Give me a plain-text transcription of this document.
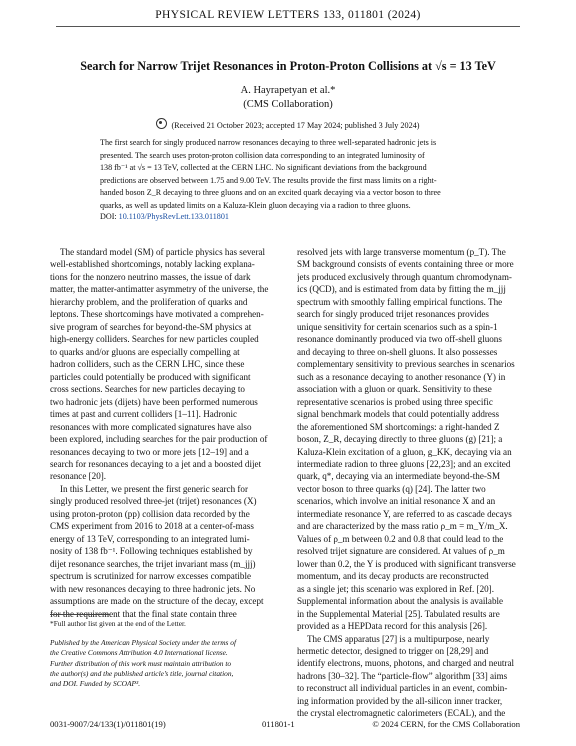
PHYSICAL REVIEW LETTERS 133, 011801 (2024)
Search for Narrow Trijet Resonances in Proton-Proton Collisions at √s = 13 TeV
A. Hayrapetyan et al.*
(CMS Collaboration)
(Received 21 October 2023; accepted 17 May 2024; published 3 July 2024)
The first search for singly produced narrow resonances decaying to three well-separated hadronic jets is
presented. The search uses proton-proton collision data corresponding to an integrated luminosity of
138 fb⁻¹ at √s = 13 TeV, collected at the CERN LHC. No significant deviations from the background
predictions are observed between 1.75 and 9.00 TeV. The results provide the first mass limits on a right-
handed boson Z_R decaying to three gluons and on an excited quark decaying via a vector boson to three
quarks, as well as updated limits on a Kaluza-Klein gluon decaying via a radion to three gluons.
DOI: 10.1103/PhysRevLett.133.011801
The standard model (SM) of particle physics has several
well-established shortcomings, notably lacking explana-
tions for the nonzero neutrino masses, the issue of dark
matter, the matter-antimatter asymmetry of the universe, the
hierarchy problem, and the proliferation of quarks and
leptons. These shortcomings have motivated a comprehen-
sive program of searches for beyond-the-SM physics at
high-energy colliders. Searches for new particles coupled
to quarks and/or gluons are especially compelling at
hadron colliders, such as the CERN LHC, since these
particles could potentially be produced with significant
cross sections. Searches for new particles decaying to
two hadronic jets (dijets) have been performed numerous
times at past and current colliders [1–11]. Hadronic
resonances with more complicated signatures have also
been explored, including searches for the pair production of
resonances decaying to two or more jets [12–19] and a
search for resonances decaying to a jet and a boosted dijet
resonance [20].
In this Letter, we present the first generic search for
singly produced resolved three-jet (trijet) resonances (X)
using proton-proton (pp) collision data recorded by the
CMS experiment from 2016 to 2018 at a center-of-mass
energy of 13 TeV, corresponding to an integrated lumi-
nosity of 138 fb⁻¹. Following techniques established by
dijet resonance searches, the trijet invariant mass (m_jjj)
spectrum is scrutinized for narrow excesses compatible
with new resonances decaying to three hadronic jets. No
assumptions are made on the structure of the decay, except
for the requirement that the final state contain three
resolved jets with large transverse momentum (p_T). The
SM background consists of events containing three or more
jets produced exclusively through quantum chromodynam-
ics (QCD), and is estimated from data by fitting the m_jjj
spectrum with smoothly falling empirical functions. The
search for singly produced trijet resonances provides
unique sensitivity for certain scenarios such as a spin-1
resonance dominantly produced via two off-shell gluons
and decaying to three on-shell gluons. It also possesses
complementary sensitivity to previous searches in scenarios
such as a resonance decaying to another resonance (Y) in
association with a gluon or quark. Sensitivity to these
representative scenarios is probed using three specific
signal benchmark models that could potentially address
the aforementioned SM shortcomings: a right-handed Z
boson, Z_R, decaying directly to three gluons (g) [21]; a
Kaluza-Klein excitation of a gluon, g_KK, decaying via an
intermediate radion to three gluons [22,23]; and an excited
quark, q*, decaying via an intermediate beyond-the-SM
vector boson to three quarks (q) [24]. The latter two
scenarios, which involve an initial resonance X and an
intermediate resonance Y, are referred to as cascade decays
and are characterized by the mass ratio ρ_m = m_Y/m_X.
Values of ρ_m between 0.2 and 0.8 that could lead to the
resolved trijet signature are considered. At values of ρ_m
lower than 0.2, the Y is produced with significant transverse
momentum, and its decay products are reconstructed
as a single jet; this scenario was explored in Ref. [20].
Supplemental information about the analysis is available
in the Supplemental Material [25]. Tabulated results are
provided as a HEPData record for this analysis [26].
The CMS apparatus [27] is a multipurpose, nearly
hermetic detector, designed to trigger on [28,29] and
identify electrons, muons, photons, and charged and neutral
hadrons [30–32]. The “particle-flow” algorithm [33] aims
to reconstruct all individual particles in an event, combin-
ing information provided by the all-silicon inner tracker,
the crystal electromagnetic calorimeters (ECAL), and the
*Full author list given at the end of the Letter.
Published by the American Physical Society under the terms of
the Creative Commons Attribution 4.0 International license.
Further distribution of this work must maintain attribution to
the author(s) and the published article’s title, journal citation,
and DOI. Funded by SCOAP³.
0031-9007/24/133(1)/011801(19)	011801-1	© 2024 CERN, for the CMS Collaboration
